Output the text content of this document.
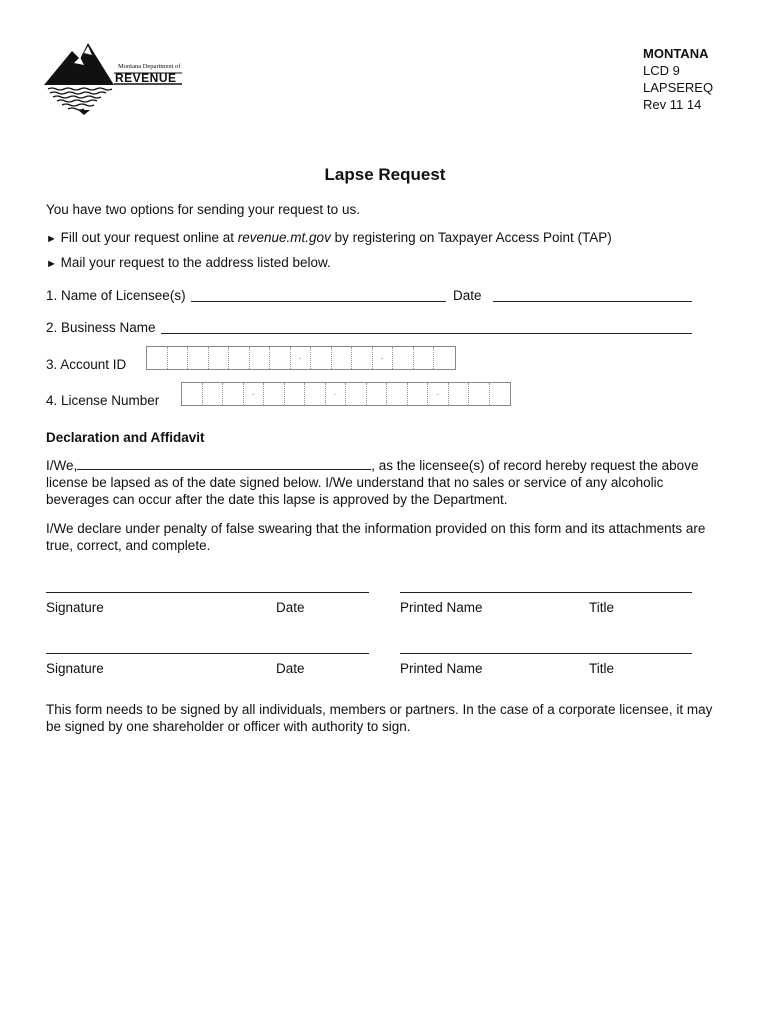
Montana Department of
REVENUE
MONTANA
LCD 9
LAPSEREQ
Rev 11 14
Lapse Request
You have two options for sending your request to us.
► Fill out your request online at revenue.mt.gov by registering on Taxpayer Access Point (TAP)
► Mail your request to the address listed below.
1. Name of Licensee(s)	Date
2. Business Name
3. Account ID	-	-
4. License Number	-	-	-
Declaration and Affidavit
I/We,	, as the licensee(s) of record hereby request the above
license be lapsed as of the date signed below. I/We understand that no sales or service of any alcoholic beverages can occur after the date this lapse is approved by the Department.
I/We declare under penalty of false swearing that the information provided on this form and its attachments are true, correct, and complete.
Signature	Date	Printed Name	Title
Signature	Date	Printed Name	Title
This form needs to be signed by all individuals, members or partners. In the case of a corporate licensee, it may be signed by one shareholder or officer with authority to sign.
